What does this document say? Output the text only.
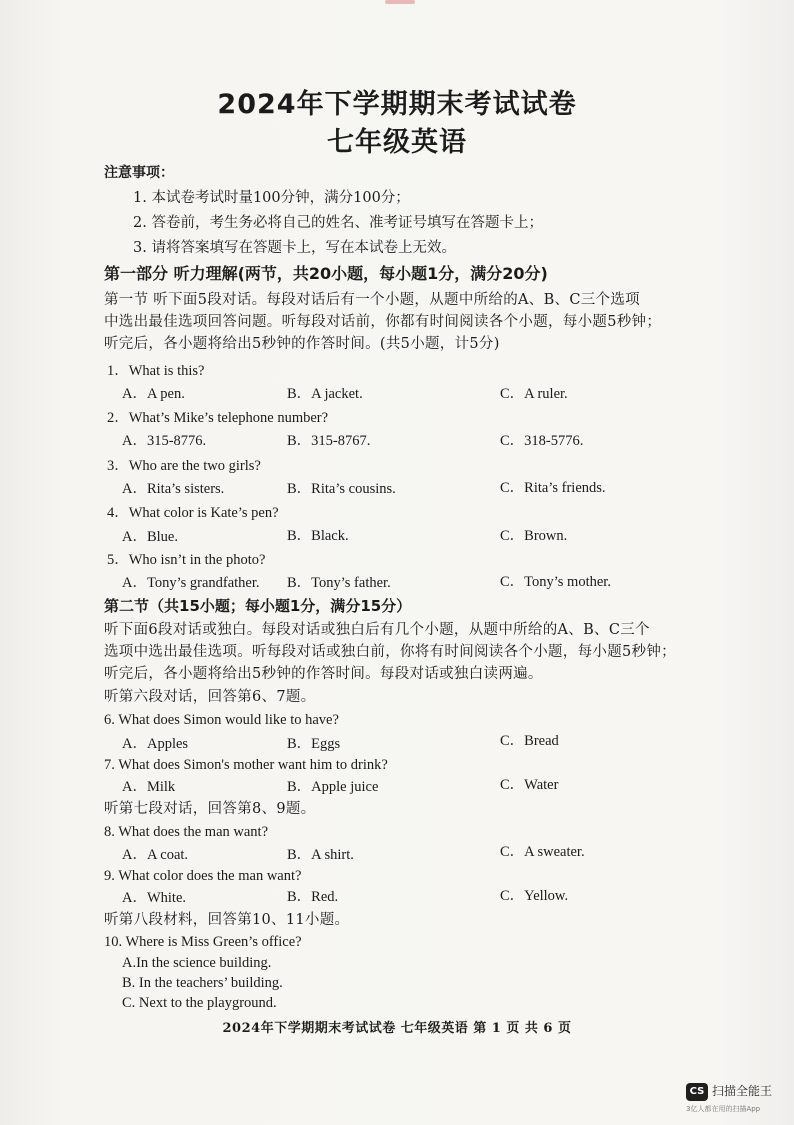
2024年下学期期末考试试卷
七年级英语
注意事项：
1. 本试卷考试时量100分钟，满分100分；
2. 答卷前，考生务必将自己的姓名、准考证号填写在答题卡上；
3. 请将答案填写在答题卡上，写在本试卷上无效。
第一部分 听力理解(两节，共20小题，每小题1分，满分20分)
第一节 听下面5段对话。每段对话后有一个小题，从题中所给的A、B、C三个选项
中选出最佳选项回答问题。听每段对话前，你都有时间阅读各个小题，每小题5秒钟；
听完后，各小题将给出5秒钟的作答时间。(共5小题，计5分)
1．What is this?
A．A pen.	B．A jacket.	C．A ruler.
2．What’s Mike’s telephone number?
A．315-8776.	B．315-8767.	C．318-5776.
3．Who are the two girls?
A．Rita’s sisters.	B．Rita’s cousins.	C．Rita’s friends.
4．What color is Kate’s pen?
A．Blue.	B．Black.	C．Brown.
5．Who isn’t in the photo?
A．Tony’s grandfather. B．Tony’s father.	C．Tony’s mother.
第二节（共15小题；每小题1分，满分15分）
听下面6段对话或独白。每段对话或独白后有几个小题，从题中所给的A、B、C三个
选项中选出最佳选项。听每段对话或独白前，你将有时间阅读各个小题，每小题5秒钟；
听完后，各小题将给出5秒钟的作答时间。每段对话或独白读两遍。
听第六段对话，回答第6、7题。
6. What does Simon would like to have?
A．Apples	B．Eggs	C．Bread
7. What does Simon's mother want him to drink?
A．Milk	B．Apple juice	C．Water
听第七段对话，回答第8、9题。
8. What does the man want?
A．A coat.	B．A shirt.	C．A sweater.
9. What color does the man want?
A．White.	B．Red.	C．Yellow.
听第八段材料，回答第10、11小题。
10. Where is Miss Green’s office?
A.In the science building.
B. In the teachers’ building.
C. Next to the playground.
2024年下学期期末考试试卷 七年级英语 第 1 页 共 6 页
CS 扫描全能王
3亿人都在用的扫描App
